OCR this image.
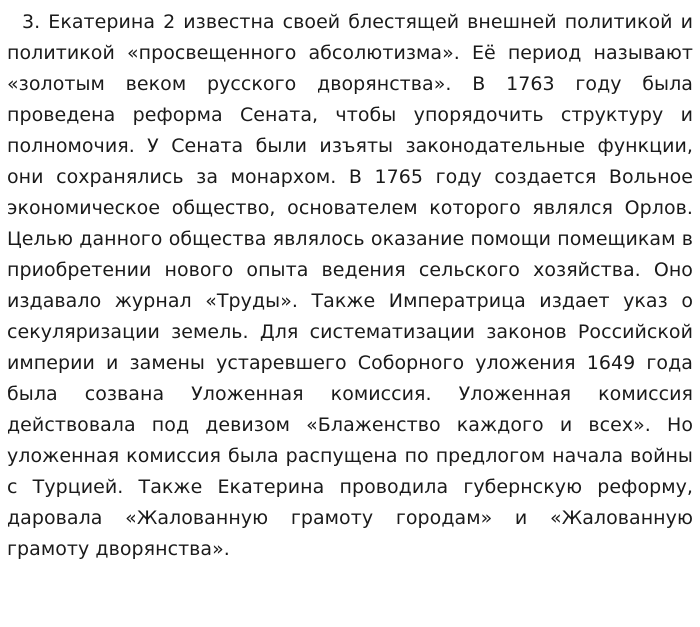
3. Екатерина 2 известна своей блестящей внешней политикой и политикой «просвещенного абсолютизма». Её период называют «золотым веком русского дворянства». В 1763 году была проведена реформа Сената, чтобы упорядочить структуру и полномочия. У Сената были изъяты законодательные функции, они сохранялись за монархом. В 1765 году создается Вольное экономическое общество, основателем которого являлся Орлов. Целью данного общества являлось оказание помощи помещикам в приобретении нового опыта ведения сельского хозяйства. Оно издавало журнал «Труды». Также Императрица издает указ о секуляризации земель. Для систематизации законов Российской империи и замены устаревшего Соборного уложения 1649 года была созвана Уложенная комиссия. Уложенная комиссия действовала под девизом «Блаженство каждого и всех». Но уложенная комиссия была распущена по предлогом начала войны с Турцией. Также Екатерина проводила губернскую реформу, даровала «Жалованную грамоту городам» и «Жалованную грамоту дворянства».
